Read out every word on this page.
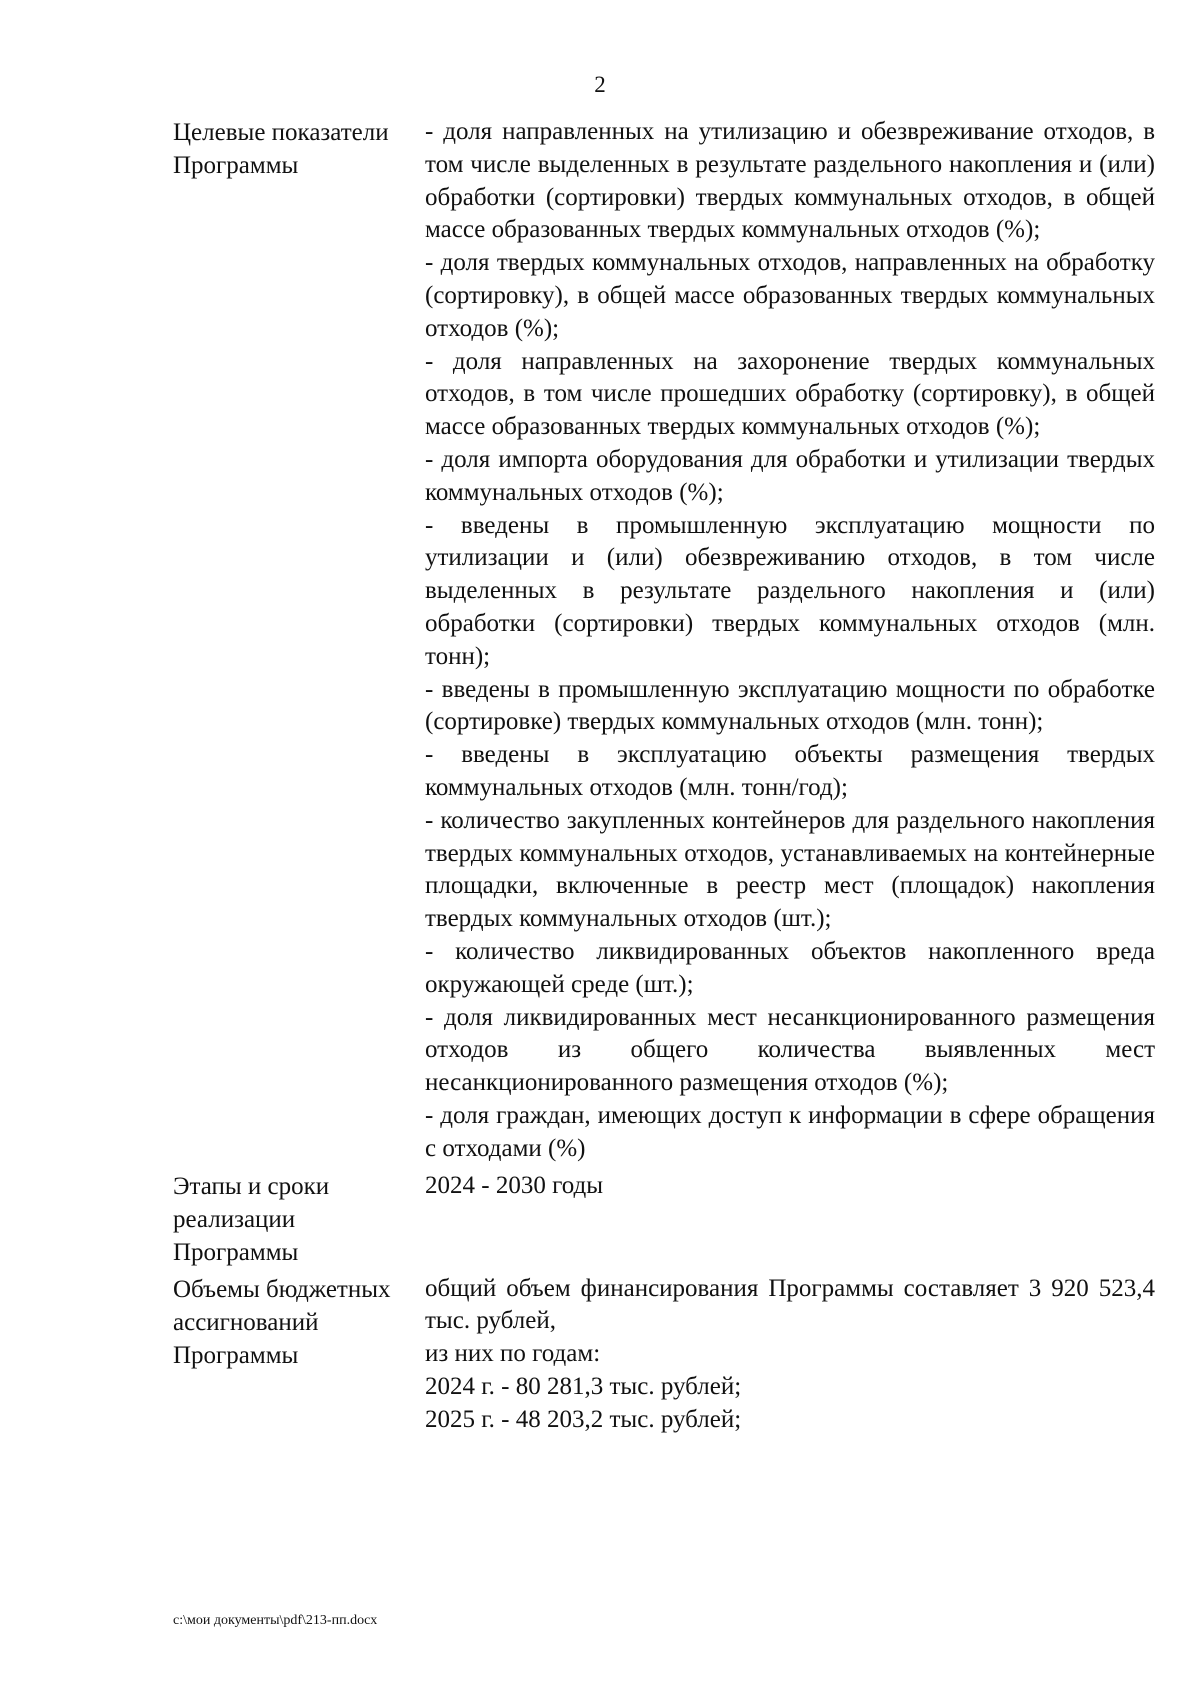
2
Целевые показатели Программы

- доля направленных на утилизацию и обезвреживание отходов, в том числе выделенных в результате раздельного накопления и (или) обработки (сортировки) твердых коммунальных отходов, в общей массе образованных твердых коммунальных отходов (%);

- доля твердых коммунальных отходов, направленных на обработку (сортировку), в общей массе образованных твердых коммунальных отходов (%);

- доля направленных на захоронение твердых коммунальных отходов, в том числе прошедших обработку (сортировку), в общей массе образованных твердых коммунальных отходов (%);

- доля импорта оборудования для обработки и утилизации твердых коммунальных отходов (%);

- введены в промышленную эксплуатацию мощности по утилизации и (или) обезвреживанию отходов, в том числе выделенных в результате раздельного накопления и (или) обработки (сортировки) твердых коммунальных отходов (млн. тонн);

- введены в промышленную эксплуатацию мощности по обработке (сортировке) твердых коммунальных отходов (млн. тонн);

- введены в эксплуатацию объекты размещения твердых коммунальных отходов (млн. тонн/год);

- количество закупленных контейнеров для раздельного накопления твердых коммунальных отходов, устанавливаемых на контейнерные площадки, включенные в реестр мест (площадок) накопления твердых коммунальных отходов (шт.);

- количество ликвидированных объектов накопленного вреда окружающей среде (шт.);

- доля ликвидированных мест несанкционированного размещения отходов из общего количества выявленных мест несанкционированного размещения отходов (%);

- доля граждан, имеющих доступ к информации в сфере обращения с отходами (%)

Этапы и сроки реализации Программы

2024 - 2030 годы

Объемы бюджетных ассигнований Программы

общий объем финансирования Программы составляет 3 920 523,4 тыс. рублей,

из них по годам:

2024 г. - 80 281,3 тыс. рублей;

2025 г. - 48 203,2 тыс. рублей;

c:\мои документы\pdf\213-пп.docx
